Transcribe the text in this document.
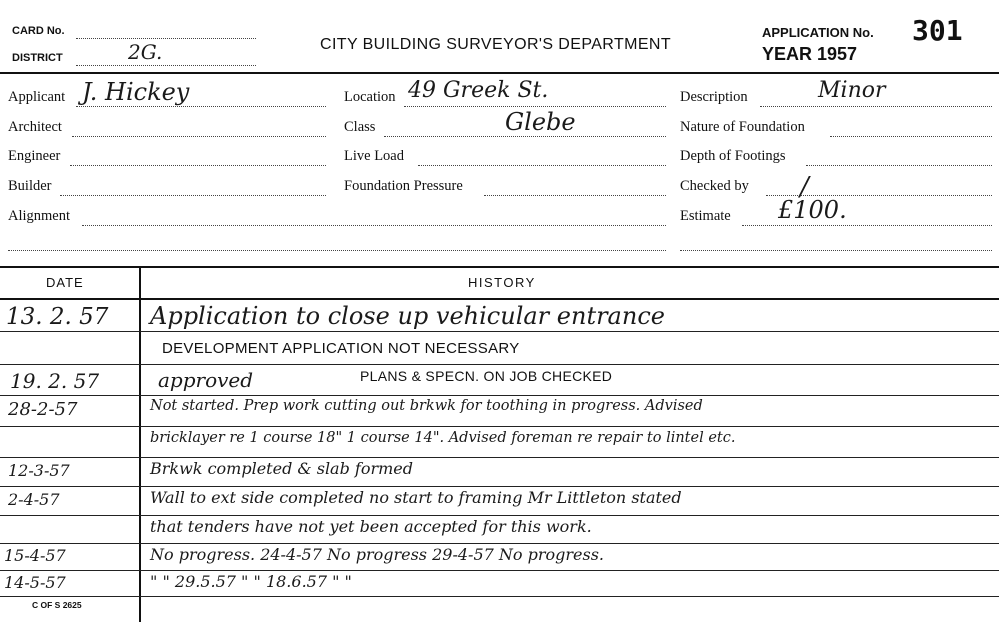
CARD No.
DISTRICT	2G.	CITY BUILDING SURVEYOR'S DEPARTMENT
APPLICATION No. 301
YEAR 1957
Applicant J. Hickey
Architect
Engineer
Builder
Alignment
Location 49 Greek St.
Class	Glebe
Live Load
Foundation Pressure
Description	Minor
Nature of Foundation
Depth of Footings
Checked by /
Estimate £100.
DATE	HISTORY
13. 2. 57 Application to close up vehicular entrance
DEVELOPMENT APPLICATION NOT NECESSARY
19. 2. 57	approved	PLANS & SPECN. ON JOB CHECKED
28-2-57	Not started. Prep work cutting out brkwk for toothing in progress. Advised
bricklayer re 1 course 18" 1 course 14". Advised foreman re repair to lintel etc.
12-3-57	Brkwk completed & slab formed
2-4-57	Wall to ext side completed no start to framing Mr Littleton stated
that tenders have not yet been accepted for this work.
15-4-57	No progress. 24-4-57 No progress 29-4-57 No progress.
14-5-57	" " 29.5.57 " " 18.6.57 " "
C OF S 2625
